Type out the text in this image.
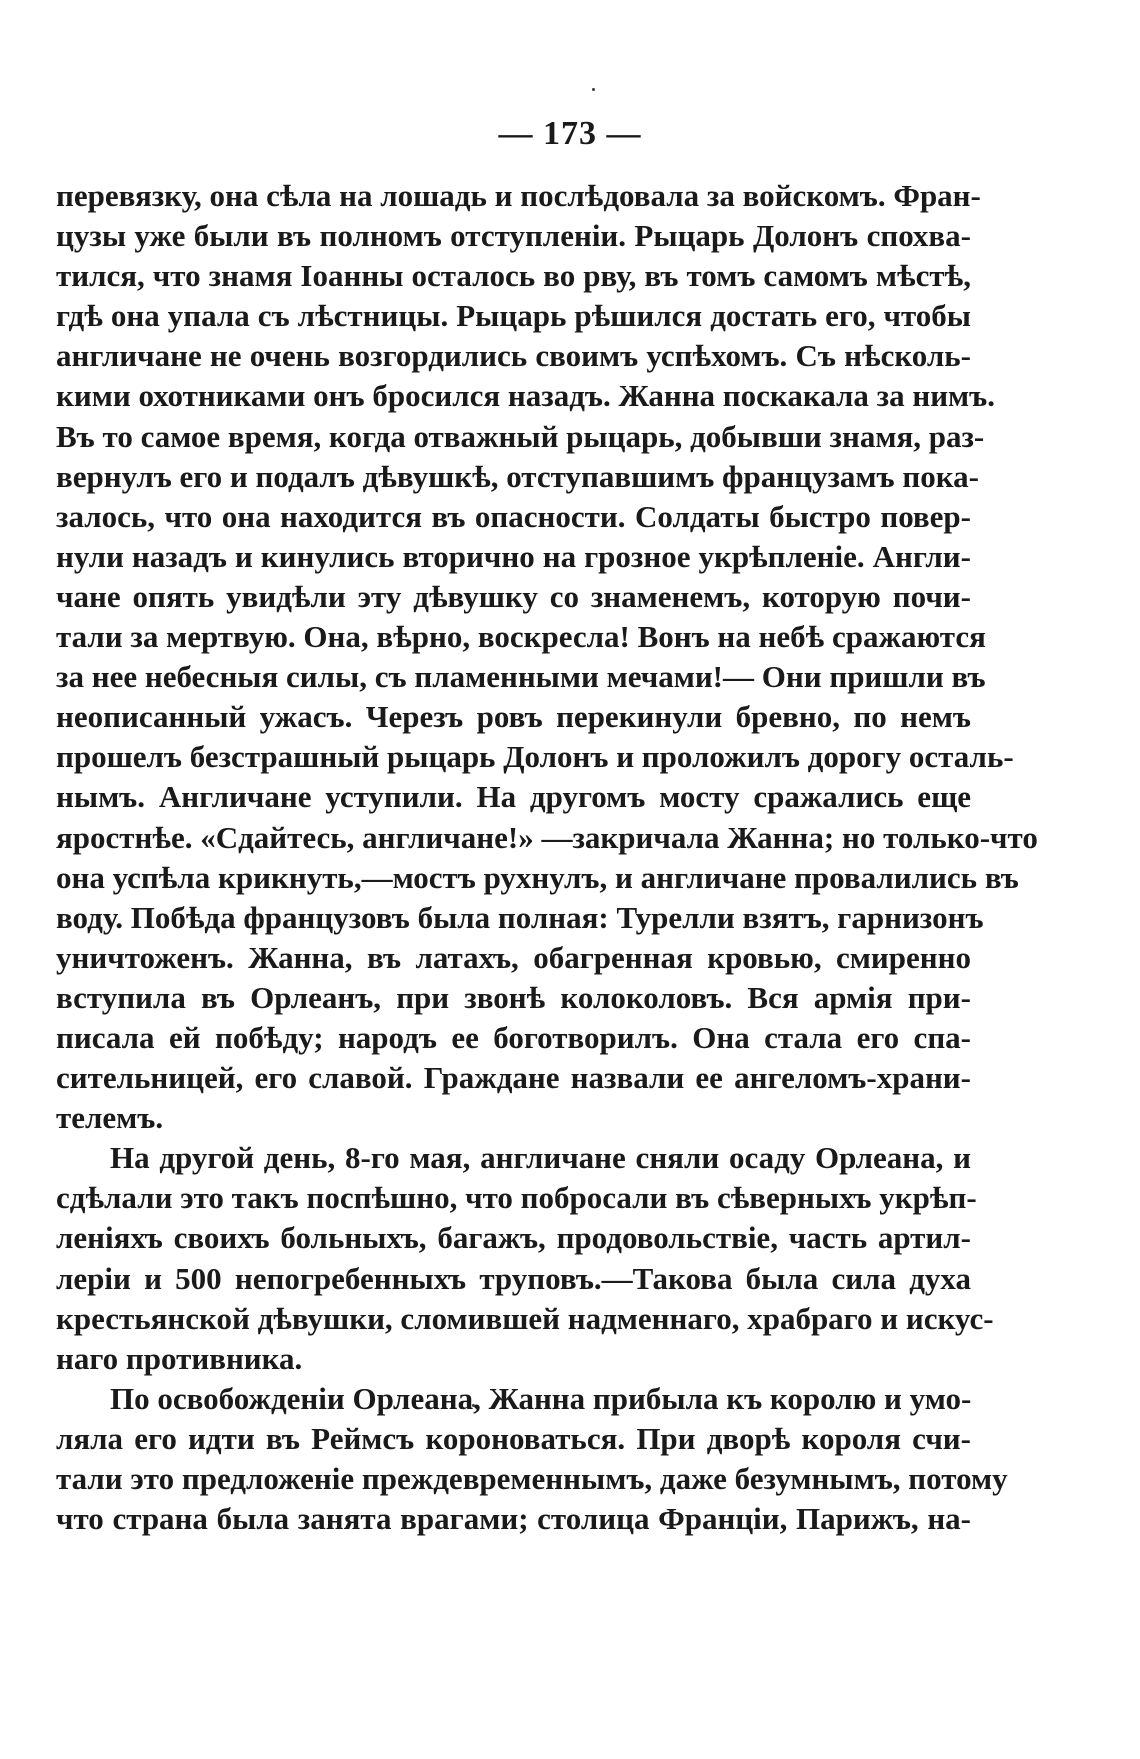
— 173 —
перевязку, она сѣла на лошадь и послѣдовала за войскомъ. Фран-
цузы уже были въ полномъ отступленіи. Рыцарь Долонъ спохва-
тился, что знамя Іоанны осталось во рву, въ томъ самомъ мѣстѣ,
гдѣ она упала съ лѣстницы. Рыцарь рѣшился достать его, чтобы
англичане не очень возгордились своимъ успѣхомъ. Съ нѣсколь-
кими охотниками онъ бросился назадъ. Жанна поскакала за нимъ.
Въ то самое время, когда отважный рыцарь, добывши знамя, раз-
вернулъ его и подалъ дѣвушкѣ, отступавшимъ французамъ пока-
залось, что она находится въ опасности. Солдаты быстро повер-
нули назадъ и кинулись вторично на грозное укрѣпленіе. Англи-
чане опять увидѣли эту дѣвушку со знаменемъ, которую почи-
тали за мертвую. Она, вѣрно, воскресла! Вонъ на небѣ сражаются
за нее небесныя силы, съ пламенными мечами!— Они пришли въ
неописанный ужасъ. Черезъ ровъ перекинули бревно, по немъ
прошелъ безстрашный рыцарь Долонъ и проложилъ дорогу осталь-
нымъ. Англичане уступили. На другомъ мосту сражались еще
яростнѣе. «Сдайтесь, англичане!» —закричала Жанна; но только-что
она успѣла крикнуть,—мостъ рухнулъ, и англичане провалились въ
воду. Побѣда французовъ была полная: Турелли взятъ, гарнизонъ
уничтоженъ. Жанна, въ латахъ, обагренная кровью, смиренно
вступила въ Орлеанъ, при звонѣ колоколовъ. Вся армія при-
писала ей побѣду; народъ ее боготворилъ. Она стала его спа-
сительницей, его славой. Граждане назвали ее ангеломъ-храни-
телемъ.
На другой день, 8-го мая, англичане сняли осаду Орлеана, и
сдѣлали это такъ поспѣшно, что побросали въ сѣверныхъ укрѣп-
леніяхъ своихъ больныхъ, багажъ, продовольствіе, часть артил-
леріи и 500 непогребенныхъ труповъ.—Такова была сила духа
крестьянской дѣвушки, сломившей надменнаго, храбраго и искус-
наго противника.
По освобожденіи Орлеана, Жанна прибыла къ королю и умо-
ляла его идти въ Реймсъ короноваться. При дворѣ короля счи-
тали это предложеніе преждевременнымъ, даже безумнымъ, потому
что страна была занята врагами; столица Франціи, Парижъ, на-
